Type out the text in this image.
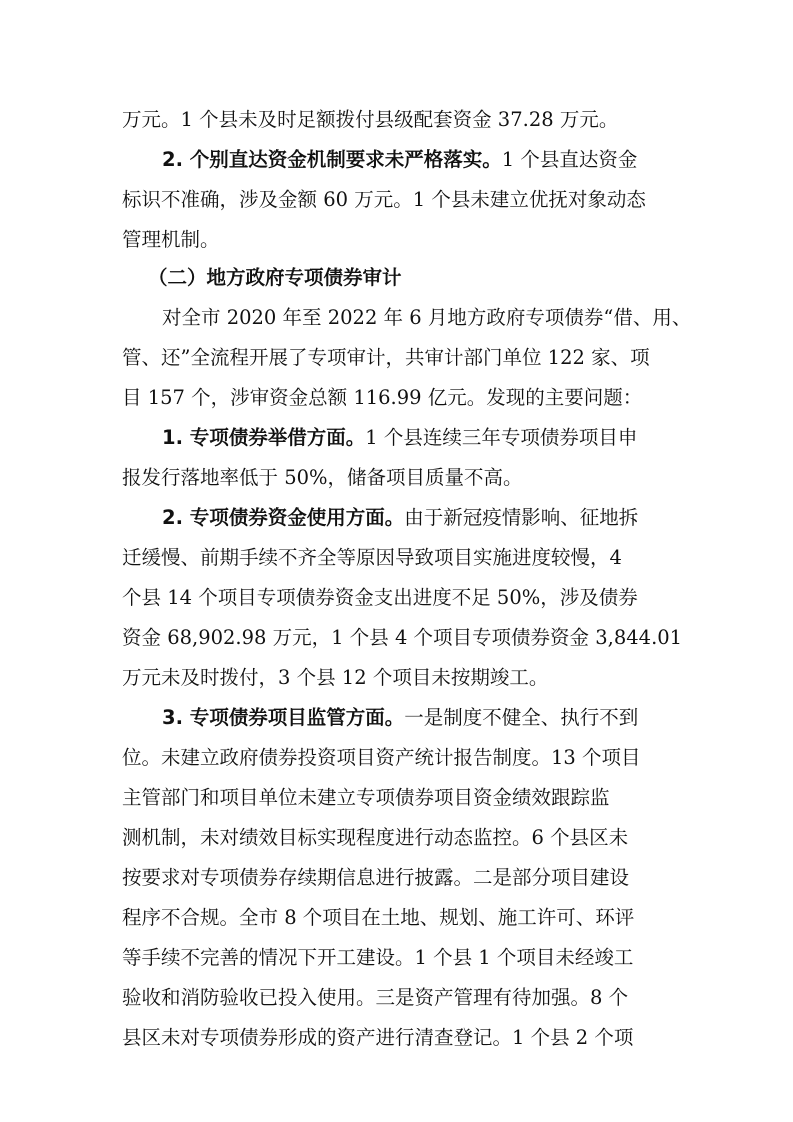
万元。1 个县未及时足额拨付县级配套资金 37.28 万元。
2. 个别直达资金机制要求未严格落实。1 个县直达资金
标识不准确，涉及金额 60 万元。1 个县未建立优抚对象动态
管理机制。
（二）地方政府专项债券审计
对全市 2020 年至 2022 年 6 月地方政府专项债券“借、用、
管、还”全流程开展了专项审计，共审计部门单位 122 家、项
目 157 个，涉审资金总额 116.99 亿元。发现的主要问题：
1. 专项债券举借方面。1 个县连续三年专项债券项目申
报发行落地率低于 50%，储备项目质量不高。
2. 专项债券资金使用方面。由于新冠疫情影响、征地拆
迁缓慢、前期手续不齐全等原因导致项目实施进度较慢，4
个县 14 个项目专项债券资金支出进度不足 50%，涉及债券
资金 68,902.98 万元，1 个县 4 个项目专项债券资金 3,844.01
万元未及时拨付，3 个县 12 个项目未按期竣工。
3. 专项债券项目监管方面。一是制度不健全、执行不到
位。未建立政府债券投资项目资产统计报告制度。13 个项目
主管部门和项目单位未建立专项债券项目资金绩效跟踪监
测机制，未对绩效目标实现程度进行动态监控。6 个县区未
按要求对专项债券存续期信息进行披露。二是部分项目建设
程序不合规。全市 8 个项目在土地、规划、施工许可、环评
等手续不完善的情况下开工建设。1 个县 1 个项目未经竣工
验收和消防验收已投入使用。三是资产管理有待加强。8 个
县区未对专项债券形成的资产进行清查登记。1 个县 2 个项
